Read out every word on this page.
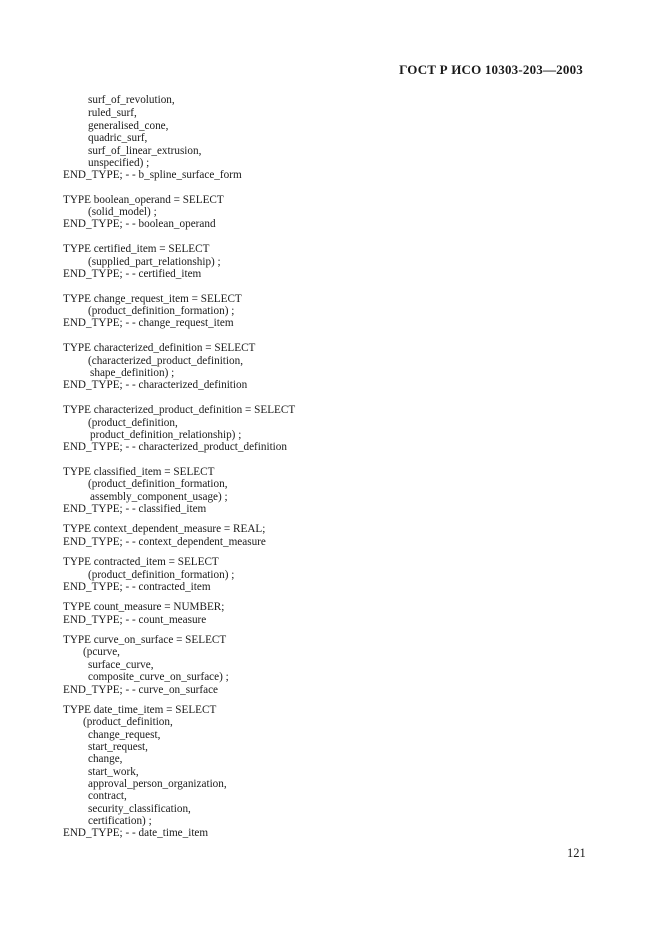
ГОСТ Р ИСО 10303-203—2003
surf_of_revolution,
ruled_surf,
generalised_cone,
quadric_surf,
surf_of_linear_extrusion,
unspecified) ;
END_TYPE; - - b_spline_surface_form
TYPE boolean_operand = SELECT
(solid_model) ;
END_TYPE; - - boolean_operand
TYPE certified_item = SELECT
(supplied_part_relationship) ;
END_TYPE; - - certified_item
TYPE change_request_item = SELECT
(product_definition_formation) ;
END_TYPE; - - change_request_item
TYPE characterized_definition = SELECT
(characterized_product_definition,
shape_definition) ;
END_TYPE; - - characterized_definition
TYPE characterized_product_definition = SELECT
(product_definition,
product_definition_relationship) ;
END_TYPE; - - characterized_product_definition
TYPE classified_item = SELECT
(product_definition_formation,
assembly_component_usage) ;
END_TYPE; - - classified_item
TYPE context_dependent_measure = REAL;
END_TYPE; - - context_dependent_measure
TYPE contracted_item = SELECT
(product_definition_formation) ;
END_TYPE; - - contracted_item
TYPE count_measure = NUMBER;
END_TYPE; - - count_measure
TYPE curve_on_surface = SELECT
(pcurve,
surface_curve,
composite_curve_on_surface) ;
END_TYPE; - - curve_on_surface
TYPE date_time_item = SELECT
(product_definition,
change_request,
start_request,
change,
start_work,
approval_person_organization,
contract,
security_classification,
certification) ;
END_TYPE; - - date_time_item
121
